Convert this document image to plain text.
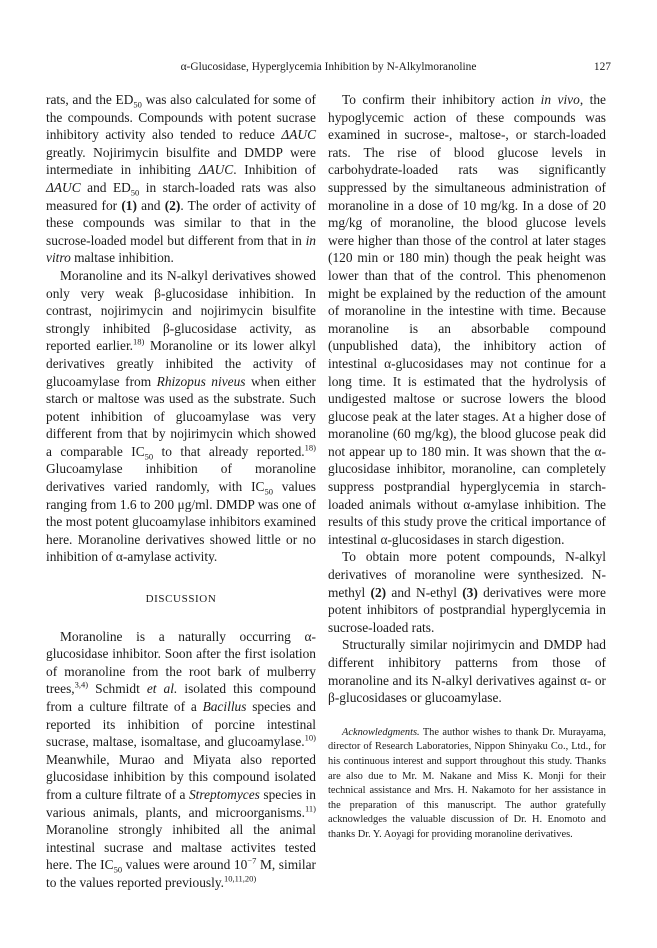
α-Glucosidase, Hyperglycemia Inhibition by N-Alkylmoranoline	127

rats, and the $ED_{50}$ was also calculated for some of the compounds. Compounds with potent sucrase inhibitory activity also tended to reduce ΔAUC greatly. Nojirimycin bisulfite and DMDP were intermediate in inhibiting ΔAUC. Inhibition of ΔAUC and $ED_{50}$ in starch-loaded rats was also measured for (1) and (2). The order of activity of these compounds was similar to that in the sucrose-loaded model but different from that in in vitro maltase inhibition.

Moranoline and its N-alkyl derivatives showed only very weak β-glucosidase inhibition. In contrast, nojirimycin and nojirimycin bisulfite strongly inhibited β-glucosidase activity, as reported earlier.$^{18)}$ Moranoline or its lower alkyl derivatives greatly inhibited the activity of glucoamylase from Rhizopus niveus when either starch or maltose was used as the substrate. Such potent inhibition of glucoamylase was very different from that by nojirimycin which showed a comparable $IC_{50}$ to that already reported.$^{18)}$ Glucoamylase inhibition of moranoline derivatives varied randomly, with $IC_{50}$ values ranging from 1.6 to 200 μg/ml. DMDP was one of the most potent glucoamylase inhibitors examined here. Moranoline derivatives showed little or no inhibition of α-amylase activity.

DISCUSSION

Moranoline is a naturally occurring α-glucosidase inhibitor. Soon after the first isolation of moranoline from the root bark of mulberry trees,$^{3,4)}$ Schmidt et al. isolated this compound from a culture filtrate of a Bacillus species and reported its inhibition of porcine intestinal sucrase, maltase, isomaltase, and glucoamylase.$^{10)}$ Meanwhile, Murao and Miyata also reported glucosidase inhibition by this compound isolated from a culture filtrate of a Streptomyces species in various animals, plants, and microorganisms.$^{11)}$ Moranoline strongly inhibited all the animal intestinal sucrase and maltase activites tested here. The $IC_{50}$ values were around $10^{-7}$ M, similar to the values reported previously.$^{10,11,20)}$

To confirm their inhibitory action in vivo, the hypoglycemic action of these compounds was examined in sucrose-, maltose-, or starch-loaded rats. The rise of blood glucose levels in carbohydrate-loaded rats was significantly suppressed by the simultaneous administration of moranoline in a dose of 10 mg/kg. In a dose of 20 mg/kg of moranoline, the blood glucose levels were higher than those of the control at later stages (120 min or 180 min) though the peak height was lower than that of the control. This phenomenon might be explained by the reduction of the amount of moranoline in the intestine with time. Because moranoline is an absorbable compound (unpublished data), the inhibitory action of intestinal α-glucosidases may not continue for a long time. It is estimated that the hydrolysis of undigested maltose or sucrose lowers the blood glucose peak at the later stages. At a higher dose of moranoline (60 mg/kg), the blood glucose peak did not appear up to 180 min. It was shown that the α-glucosidase inhibitor, moranoline, can completely suppress postprandial hyperglycemia in starch-loaded animals without α-amylase inhibition. The results of this study prove the critical importance of intestinal α-glucosidases in starch digestion.

To obtain more potent compounds, N-alkyl derivatives of moranoline were synthesized. N-methyl (2) and N-ethyl (3) derivatives were more potent inhibitors of postprandial hyperglycemia in sucrose-loaded rats.

Structurally similar nojirimycin and DMDP had different inhibitory patterns from those of moranoline and its N-alkyl derivatives against α- or β-glucosidases or glucoamylase.

Acknowledgments. The author wishes to thank Dr. Murayama, director of Research Laboratories, Nippon Shinyaku Co., Ltd., for his continuous interest and support throughout this study. Thanks are also due to Mr. M. Nakane and Miss K. Monji for their technical assistance and Mrs. H. Nakamoto for her assistance in the preparation of this manuscript. The author gratefully acknowledges the valuable discussion of Dr. H. Enomoto and thanks Dr. Y. Aoyagi for providing moranoline derivatives.
